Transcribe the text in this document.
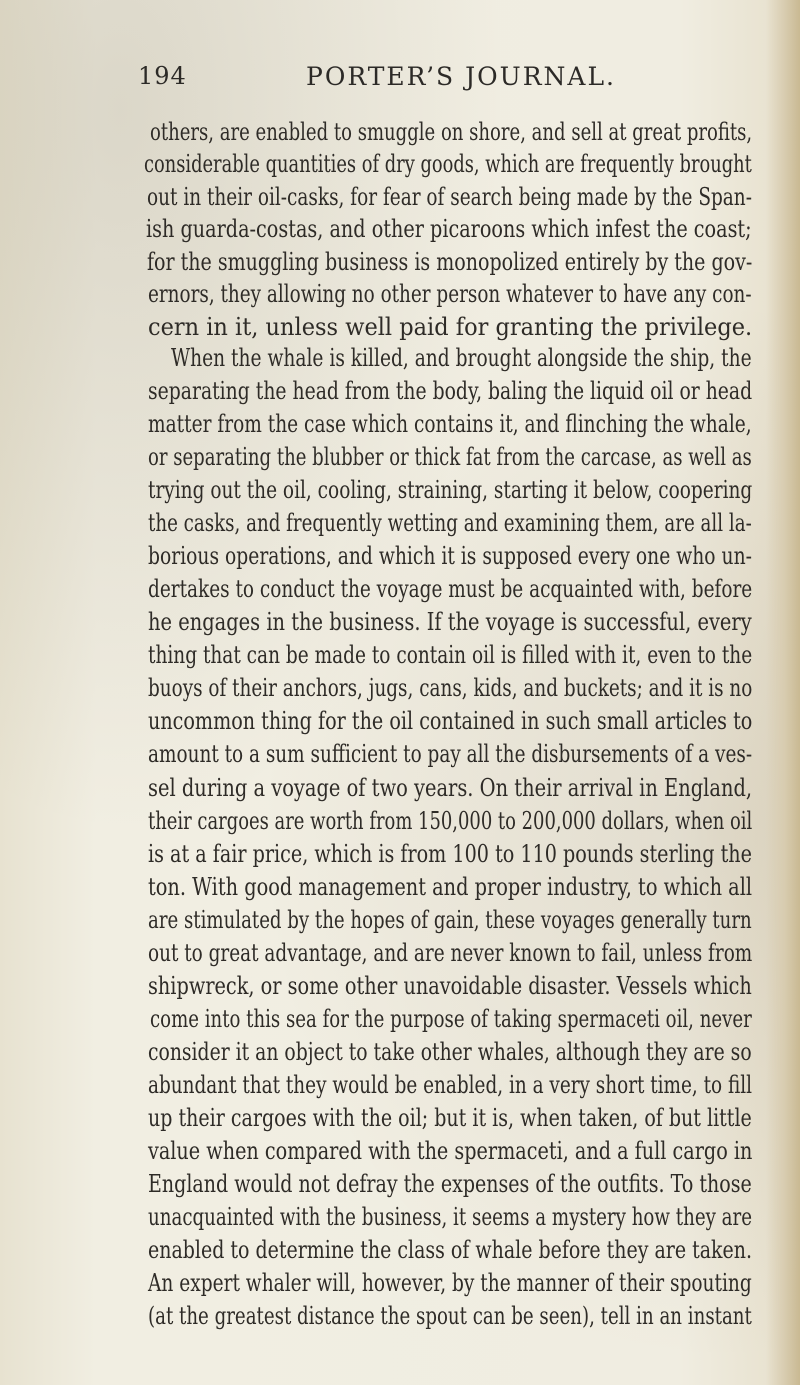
194	PORTER’S JOURNAL.
others, are enabled to smuggle on shore, and sell at great profits,
considerable quantities of dry goods, which are frequently brought
out in their oil-casks, for fear of search being made by the Span-
ish guarda-costas, and other picaroons which infest the coast;
for the smuggling business is monopolized entirely by the gov-
ernors, they allowing no other person whatever to have any con-
cern in it, unless well paid for granting the privilege.
When the whale is killed, and brought alongside the ship, the
separating the head from the body, baling the liquid oil or head
matter from the case which contains it, and flinching the whale,
or separating the blubber or thick fat from the carcase, as well as
trying out the oil, cooling, straining, starting it below, coopering
the casks, and frequently wetting and examining them, are all la-
borious operations, and which it is supposed every one who un-
dertakes to conduct the voyage must be acquainted with, before
he engages in the business. If the voyage is successful, every
thing that can be made to contain oil is filled with it, even to the
buoys of their anchors, jugs, cans, kids, and buckets; and it is no
uncommon thing for the oil contained in such small articles to
amount to a sum sufficient to pay all the disbursements of a ves-
sel during a voyage of two years. On their arrival in England,
their cargoes are worth from 150,000 to 200,000 dollars, when oil
is at a fair price, which is from 100 to 110 pounds sterling the
ton. With good management and proper industry, to which all
are stimulated by the hopes of gain, these voyages generally turn
out to great advantage, and are never known to fail, unless from
shipwreck, or some other unavoidable disaster. Vessels which
come into this sea for the purpose of taking spermaceti oil, never
consider it an object to take other whales, although they are so
abundant that they would be enabled, in a very short time, to fill
up their cargoes with the oil; but it is, when taken, of but little
value when compared with the spermaceti, and a full cargo in
England would not defray the expenses of the outfits. To those
unacquainted with the business, it seems a mystery how they are
enabled to determine the class of whale before they are taken.
An expert whaler will, however, by the manner of their spouting
(at the greatest distance the spout can be seen), tell in an instant
